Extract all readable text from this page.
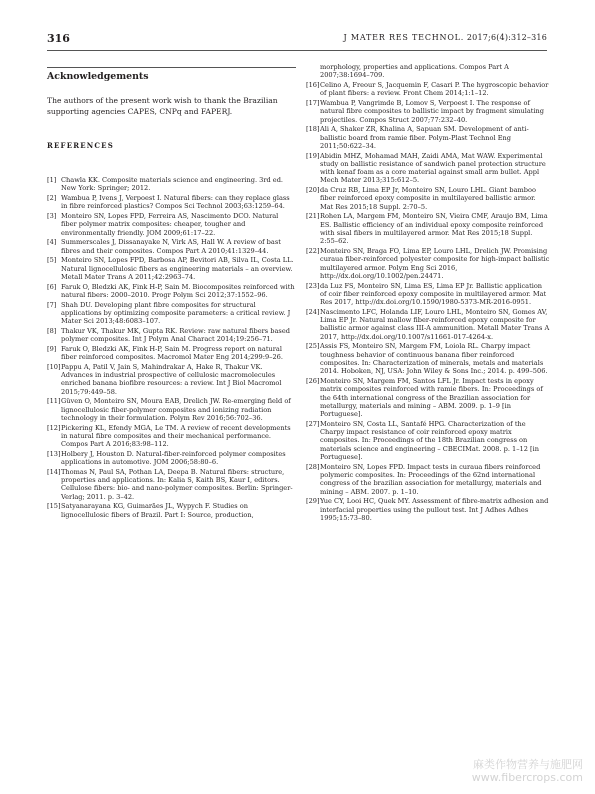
316	J MATER RES TECHNOL. 2017;6(4):312–316
Acknowledgements
The authors of the present work wish to thank the Brazilian supporting agencies CAPES, CNPq and FAPERJ.
REFERENCES
[1] Chawla KK. Composite materials science and engineering. 3rd ed. New York: Springer; 2012.
[2] Wambua P, Ivens J, Verpoest I. Natural fibers: can they replace glass in fibre reinforced plastics? Compos Sci Technol 2003;63:1259–64.
[3] Monteiro SN, Lopes FPD, Ferreira AS, Nascimento DCO. Natural fiber polymer matrix composites: cheaper, tougher and environmentally friendly. JOM 2009;61:17–22.
[4] Summerscales J, Dissanayake N, Virk AS, Hall W. A review of bast fibres and their composites. Compos Part A 2010;41:1329–44.
[5] Monteiro SN, Lopes FPD, Barbosa AP, Bevitori AB, Silva IL, Costa LL. Natural lignocellulosic fibers as engineering materials – an overview. Metall Mater Trans A 2011;42:2963–74.
[6] Faruk O, Bledzki AK, Fink H-P, Sain M. Biocomposites reinforced with natural fibers: 2000–2010. Progr Polym Sci 2012;37:1552–96.
[7] Shah DU. Developing plant fibre composites for structural applications by optimizing composite parameters: a critical review. J Mater Sci 2013;48:6083–107.
[8] Thakur VK, Thakur MK, Gupta RK. Review: raw natural fibers based polymer composites. Int J Polym Anal Charact 2014;19:256–71.
[9] Faruk O, Bledzki AK, Fink H-P, Sain M. Progress report on natural fiber reinforced composites. Macromol Mater Eng 2014;299:9–26.
[10] Pappu A, Patil V, Jain S, Mahindrakar A, Hake R, Thakur VK. Advances in industrial prospective of cellulosic macromolecules enriched banana biofibre resources: a review. Int J Biol Macromol 2015;79:449–58.
[11] Güven O, Monteiro SN, Moura EAB, Drelich JW. Re-emerging field of lignocellulosic fiber-polymer composites and ionizing radiation technology in their formulation. Polym Rev 2016;56:702–36.
[12] Pickering KL, Efendy MGA, Le TM. A review of recent developments in natural fibre composites and their mechanical performance. Compos Part A 2016;83:98–112.
[13] Holbery J, Houston D. Natural-fiber-reinforced polymer composites applications in automotive. JOM 2006;58:80–6.
[14] Thomas N, Paul SA, Pothan LA, Deepa B. Natural fibers: structure, properties and applications. In: Kalia S, Kaith BS, Kaur I, editors. Cellulose fibers: bio- and nano-polymer composites. Berlin: Springer-Verlag; 2011. p. 3–42.
[15] Satyanarayana KG, Guimarães JL, Wypych F. Studies on lignocellulosic fibers of Brazil. Part I: Source, production,
morphology, properties and applications. Compos Part A 2007;38:1694–709.
[16] Celino A, Freour S, Jacquemin F, Casari P. The hygroscopic behavior of plant fibers: a review. Front Chem 2014;1:1–12.
[17] Wambua P, Vangrimde B, Lomov S, Verpoest I. The response of natural fibre composites to ballistic impact by fragment simulating projectiles. Compos Struct 2007;77:232–40.
[18] Ali A, Shaker ZR, Khalina A, Sapuan SM. Development of anti-ballistic board from ramie fiber. Polym-Plast Technol Eng 2011;50:622–34.
[19] Abidin MHZ, Mohamad MAH, Zaidi AMA, Mat WAW. Experimental study on ballistic resistance of sandwich panel protection structure with kenaf foam as a core material against small arm bullet. Appl Mech Mater 2013;315:612–5.
[20] da Cruz RB, Lima EP Jr, Monteiro SN, Louro LHL. Giant bamboo fiber reinforced epoxy composite in multilayered ballistic armor. Mat Res 2015;18 Suppl. 2:70–5.
[21] Rohen LA, Margem FM, Monteiro SN, Vieira CMF, Araujo BM, Lima ES. Ballistic efficiency of an individual epoxy composite reinforced with sisal fibers in multilayered armor. Mat Res 2015;18 Suppl. 2:55–62.
[22] Monteiro SN, Braga FO, Lima EP, Louro LHL, Drelich JW. Promising curaua fiber-reinforced polyester composite for high-impact ballistic multilayered armor. Polym Eng Sci 2016, http://dx.doi.org/10.1002/pen.24471.
[23] da Luz FS, Monteiro SN, Lima ES, Lima EP Jr. Ballistic application of coir fiber reinforced epoxy composite in multilayered armor. Mat Res 2017, http://dx.doi.org/10.1590/1980-5373-MR-2016-0951.
[24] Nascimento LFC, Holanda LIF, Louro LHL, Monteiro SN, Gomes AV, Lima EP Jr. Natural mallow fiber-reinforced epoxy composite for ballistic armor against class III-A ammunition. Metall Mater Trans A 2017, http://dx.doi.org/10.1007/s11661-017-4264-x.
[25] Assis FS, Monteiro SN, Margem FM, Loiola RL. Charpy impact toughness behavior of continuous banana fiber reinforced composites. In: Characterization of minerals, metals and materials 2014. Hoboken, NJ, USA: John Wiley & Sons Inc.; 2014. p. 499–506.
[26] Monteiro SN, Margem FM, Santos LFL Jr. Impact tests in epoxy matrix composites reinforced with ramie fibers. In: Proceedings of the 64th international congress of the Brazilian association for metallurgy, materials and mining – ABM. 2009. p. 1–9 [in Portuguese].
[27] Monteiro SN, Costa LL, Santafé HPG. Characterization of the Charpy impact resistance of coir reinforced epoxy matrix composites. In: Proceedings of the 18th Brazilian congress on materials science and engineering – CBECIMat. 2008. p. 1–12 [in Portuguese].
[28] Monteiro SN, Lopes FPD. Impact tests in curaua fibers reinforced polymeric composites. In: Proceedings of the 62nd international congress of the brazilian association for metallurgy, materials and mining – ABM. 2007. p. 1–10.
[29] Yue CY, Looi HC, Quek MY. Assessment of fibre-matrix adhesion and interfacial properties using the pullout test. Int J Adhes Adhes 1995;15:73–80.
麻类作物营养与施肥网
www.fibercrops.com
